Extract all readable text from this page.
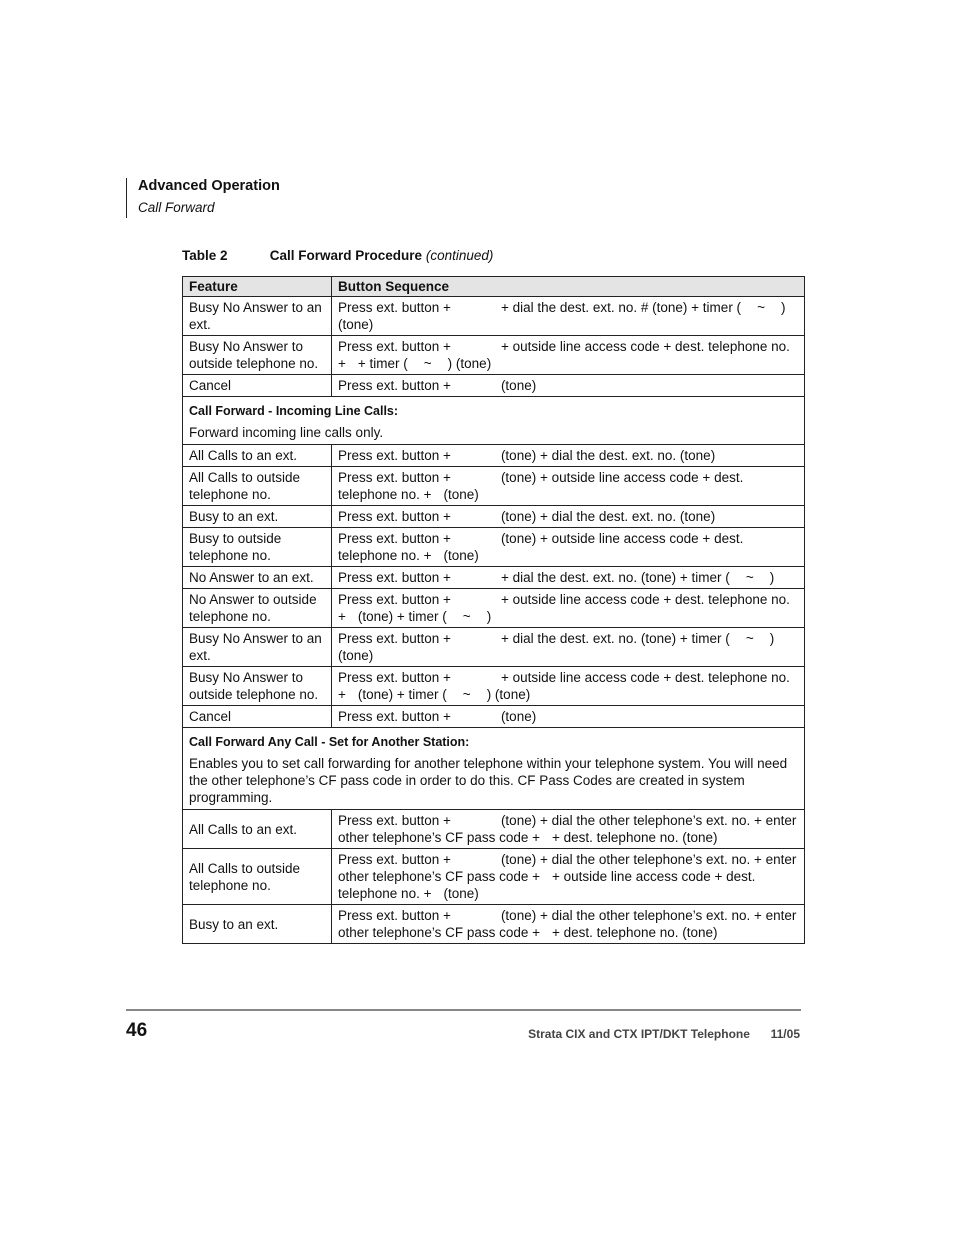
Advanced Operation
Call Forward
Table 2	Call Forward Procedure (continued)
Feature	Button Sequence
Busy No Answer to an ext.	Press ext. button + + dial the dest. ext. no. # (tone) + timer ( ~ ) (tone)
Busy No Answer to outside telephone no.	Press ext. button + + outside line access code + dest. telephone no. + + timer ( ~ ) (tone)
Cancel	Press ext. button + (tone)

Call Forward - Incoming Line Calls:
Forward incoming line calls only.	

All Calls to an ext.	Press ext. button + (tone) + dial the dest. ext. no. (tone)
All Calls to outside telephone no.	Press ext. button + (tone) + outside line access code + dest. telephone no. + (tone)
Busy to an ext.	Press ext. button + (tone) + dial the dest. ext. no. (tone)
Busy to outside telephone no.	Press ext. button + (tone) + outside line access code + dest. telephone no. + (tone)
No Answer to an ext.	Press ext. button + + dial the dest. ext. no. (tone) + timer ( ~ )
No Answer to outside telephone no.	Press ext. button + + outside line access code + dest. telephone no. + (tone) + timer ( ~ )
Busy No Answer to an ext.	Press ext. button + + dial the dest. ext. no. (tone) + timer ( ~ ) (tone)
Busy No Answer to outside telephone no.	Press ext. button + + outside line access code + dest. telephone no. + (tone) + timer ( ~ ) (tone)
Cancel	Press ext. button + (tone)

Call Forward Any Call - Set for Another Station:
Enables you to set call forwarding for another telephone within your telephone system. You will need the other telephone’s CF pass code in order to do this. CF Pass Codes are created in system programming.	

All Calls to an ext.	Press ext. button + (tone) + dial the other telephone’s ext. no. + enter other telephone’s CF pass code + + dest. telephone no. (tone)
All Calls to outside telephone no.	Press ext. button + (tone) + dial the other telephone’s ext. no. + enter other telephone’s CF pass code + + outside line access code + dest. telephone no. + (tone)
Busy to an ext.	Press ext. button + (tone) + dial the other telephone’s ext. no. + enter other telephone’s CF pass code + + dest. telephone no. (tone)
46	Strata CIX and CTX IPT/DKT Telephone 11/05
